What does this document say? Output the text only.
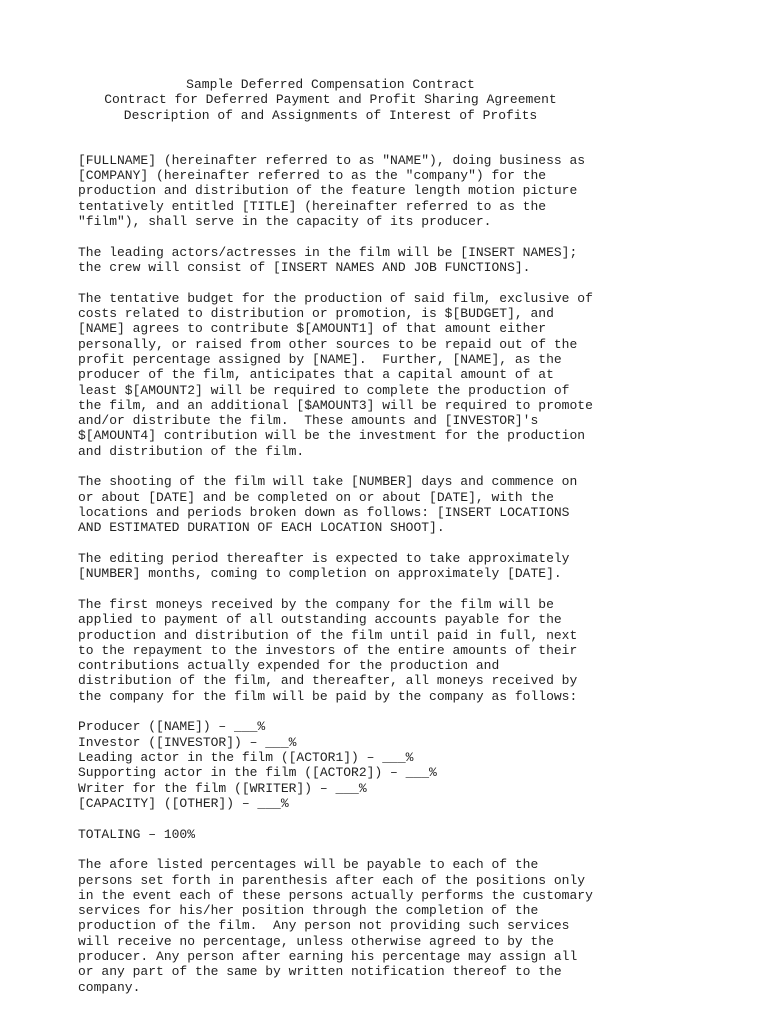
Sample Deferred Compensation Contract
Contract for Deferred Payment and Profit Sharing Agreement
Description of and Assignments of Interest of Profits
[FULLNAME] (hereinafter referred to as "NAME"), doing business as
[COMPANY] (hereinafter referred to as the "company") for the
production and distribution of the feature length motion picture
tentatively entitled [TITLE] (hereinafter referred to as the
"film"), shall serve in the capacity of its producer.
The leading actors/actresses in the film will be [INSERT NAMES];
the crew will consist of [INSERT NAMES AND JOB FUNCTIONS].
The tentative budget for the production of said film, exclusive of
costs related to distribution or promotion, is $[BUDGET], and
[NAME] agrees to contribute $[AMOUNT1] of that amount either
personally, or raised from other sources to be repaid out of the
profit percentage assigned by [NAME].  Further, [NAME], as the
producer of the film, anticipates that a capital amount of at
least $[AMOUNT2] will be required to complete the production of
the film, and an additional [$AMOUNT3] will be required to promote
and/or distribute the film.  These amounts and [INVESTOR]'s
$[AMOUNT4] contribution will be the investment for the production
and distribution of the film.
The shooting of the film will take [NUMBER] days and commence on
or about [DATE] and be completed on or about [DATE], with the
locations and periods broken down as follows: [INSERT LOCATIONS
AND ESTIMATED DURATION OF EACH LOCATION SHOOT].
The editing period thereafter is expected to take approximately
[NUMBER] months, coming to completion on approximately [DATE].
The first moneys received by the company for the film will be
applied to payment of all outstanding accounts payable for the
production and distribution of the film until paid in full, next
to the repayment to the investors of the entire amounts of their
contributions actually expended for the production and
distribution of the film, and thereafter, all moneys received by
the company for the film will be paid by the company as follows:
Producer ([NAME]) – ___%
Investor ([INVESTOR]) – ___%
Leading actor in the film ([ACTOR1]) – ___%
Supporting actor in the film ([ACTOR2]) – ___%
Writer for the film ([WRITER]) – ___%
[CAPACITY] ([OTHER]) – ___%
TOTALING – 100%
The afore listed percentages will be payable to each of the
persons set forth in parenthesis after each of the positions only
in the event each of these persons actually performs the customary
services for his/her position through the completion of the
production of the film.  Any person not providing such services
will receive no percentage, unless otherwise agreed to by the
producer. Any person after earning his percentage may assign all
or any part of the same by written notification thereof to the
company.
